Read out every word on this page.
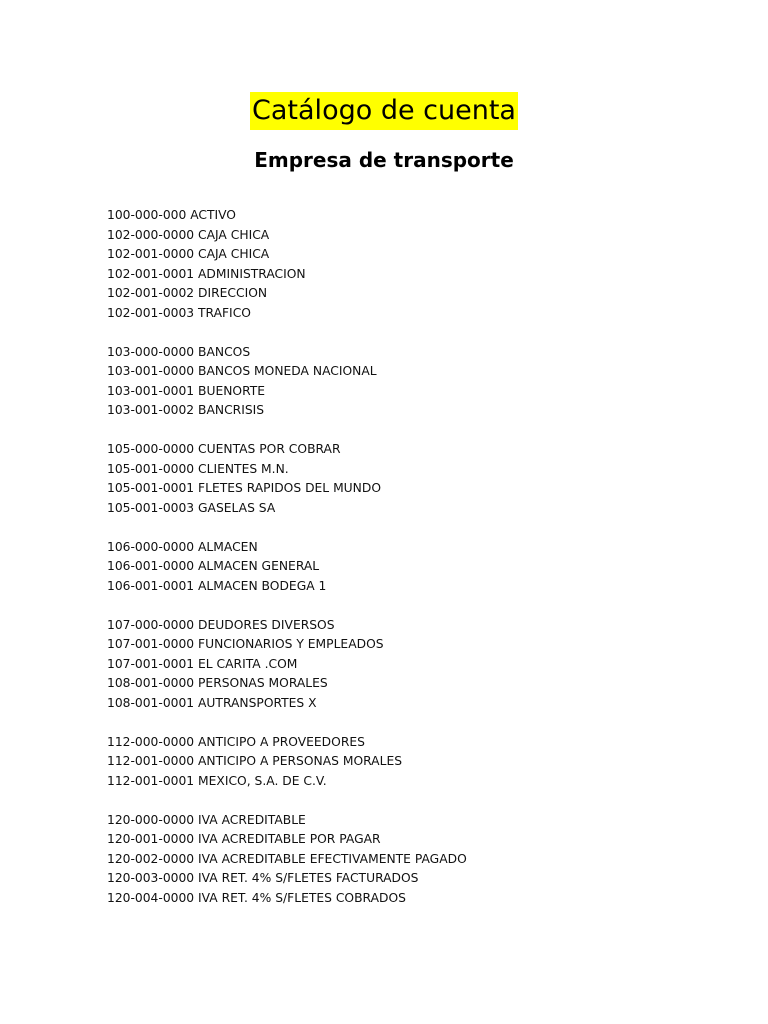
Catálogo de cuenta
Empresa de transporte
100-000-000 ACTIVO
102-000-0000 CAJA CHICA
102-001-0000 CAJA CHICA
102-001-0001 ADMINISTRACION
102-001-0002 DIRECCION
102-001-0003 TRAFICO
103-000-0000 BANCOS
103-001-0000 BANCOS MONEDA NACIONAL
103-001-0001 BUENORTE
103-001-0002 BANCRISIS
105-000-0000 CUENTAS POR COBRAR
105-001-0000 CLIENTES M.N.
105-001-0001 FLETES RAPIDOS DEL MUNDO
105-001-0003 GASELAS SA
106-000-0000 ALMACEN
106-001-0000 ALMACEN GENERAL
106-001-0001 ALMACEN BODEGA 1
107-000-0000 DEUDORES DIVERSOS
107-001-0000 FUNCIONARIOS Y EMPLEADOS
107-001-0001 EL CARITA .COM
108-001-0000 PERSONAS MORALES
108-001-0001 AUTRANSPORTES X
112-000-0000 ANTICIPO A PROVEEDORES
112-001-0000 ANTICIPO A PERSONAS MORALES
112-001-0001 MEXICO, S.A. DE C.V.
120-000-0000 IVA ACREDITABLE
120-001-0000 IVA ACREDITABLE POR PAGAR
120-002-0000 IVA ACREDITABLE EFECTIVAMENTE PAGADO
120-003-0000 IVA RET. 4% S/FLETES FACTURADOS
120-004-0000 IVA RET. 4% S/FLETES COBRADOS
